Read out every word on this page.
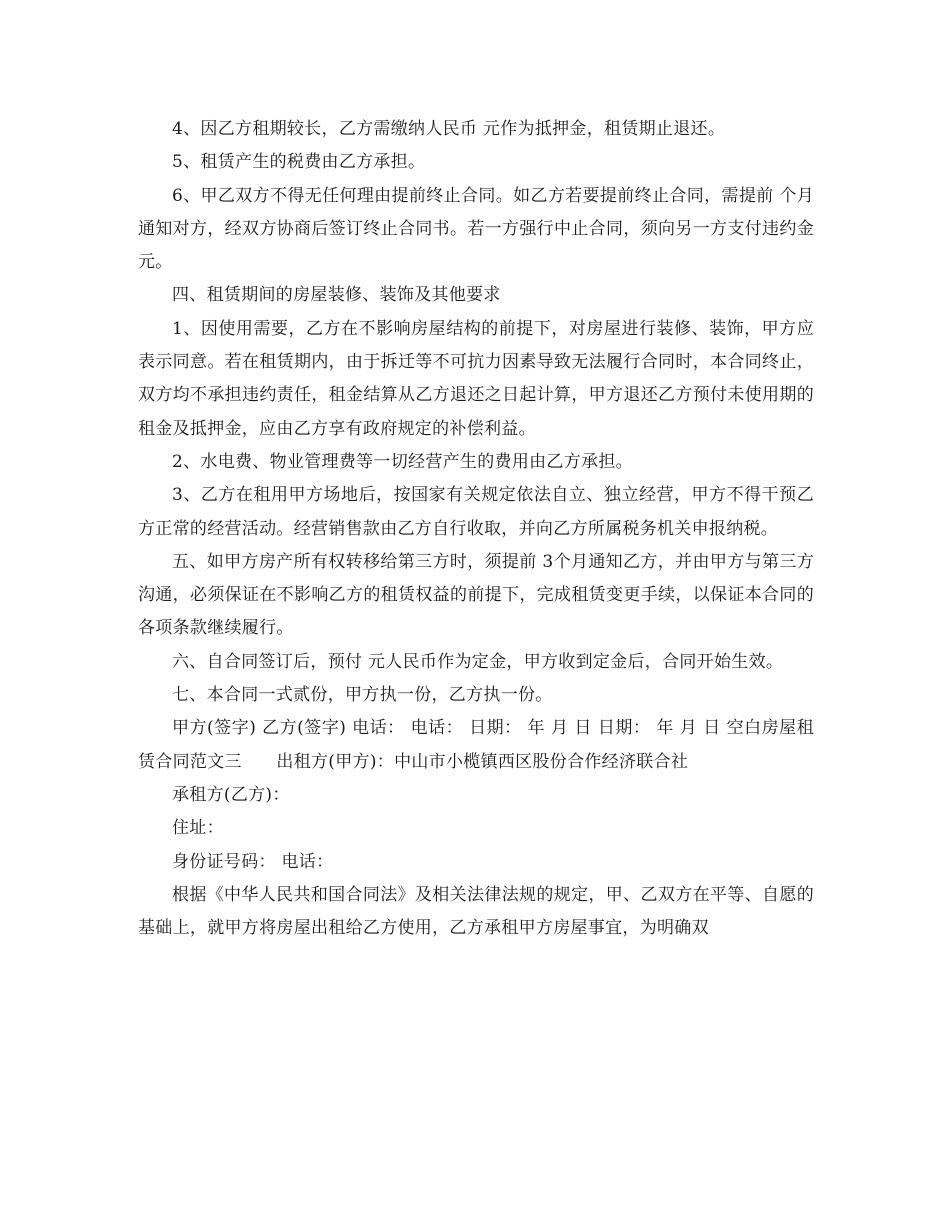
4、因乙方租期较长，乙方需缴纳人民币 元作为抵押金，租赁期止退还。

5、租赁产生的税费由乙方承担。

6、甲乙双方不得无任何理由提前终止合同。如乙方若要提前终止合同，需提前 个月通知对方，经双方协商后签订终止合同书。若一方强行中止合同，须向另一方支付违约金 元。

四、租赁期间的房屋装修、装饰及其他要求

1、因使用需要，乙方在不影响房屋结构的前提下，对房屋进行装修、装饰，甲方应表示同意。若在租赁期内，由于拆迁等不可抗力因素导致无法履行合同时，本合同终止，双方均不承担违约责任，租金结算从乙方退还之日起计算，甲方退还乙方预付未使用期的租金及抵押金，应由乙方享有政府规定的补偿利益。

2、水电费、物业管理费等一切经营产生的费用由乙方承担。

3、乙方在租用甲方场地后，按国家有关规定依法自立、独立经营，甲方不得干预乙方正常的经营活动。经营销售款由乙方自行收取，并向乙方所属税务机关申报纳税。

五、如甲方房产所有权转移给第三方时，须提前 3个月通知乙方，并由甲方与第三方沟通，必须保证在不影响乙方的租赁权益的前提下，完成租赁变更手续，以保证本合同的各项条款继续履行。

六、自合同签订后，预付 元人民币作为定金，甲方收到定金后，合同开始生效。

七、本合同一式贰份，甲方执一份，乙方执一份。

甲方(签字) 乙方(签字) 电话： 电话： 日期： 年 月 日 日期： 年 月 日 空白房屋租赁合同范文三　　出租方(甲方)：中山市小榄镇西区股份合作经济联合社

承租方(乙方)：

住址：

身份证号码： 电话：

根据《中华人民共和国合同法》及相关法律法规的规定，甲、乙双方在平等、自愿的基础上，就甲方将房屋出租给乙方使用，乙方承租甲方房屋事宜，为明确双
